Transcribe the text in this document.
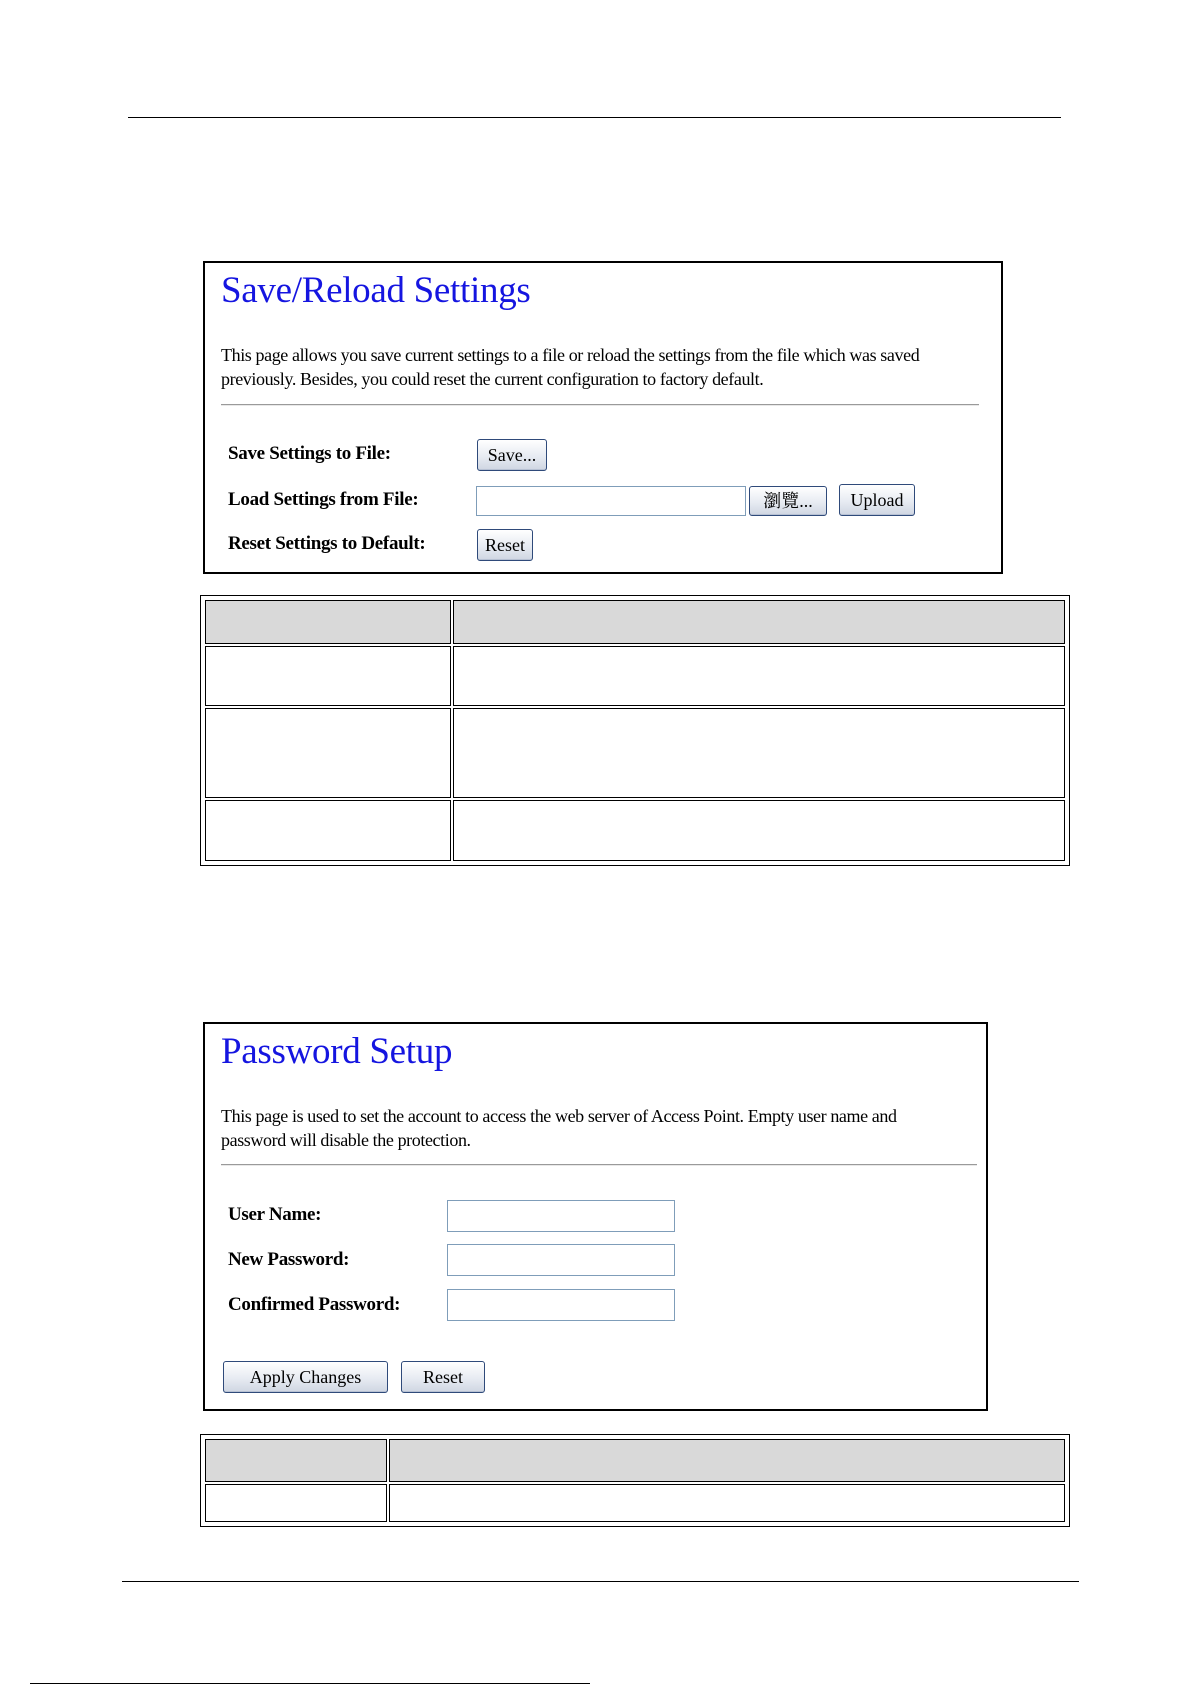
Save/Reload Settings

This page allows you save current settings to a file or reload the settings from the file which was saved

previously. Besides, you could reset the current configuration to factory default.

Save Settings to File:	Save...
Load Settings from File:	瀏覽...	Upload
Reset Settings to Default:	Reset
Password Setup

This page is used to set the account to access the web server of Access Point. Empty user name and

password will disable the protection.

User Name:
New Password:
Confirmed Password:
Apply Changes	Reset
